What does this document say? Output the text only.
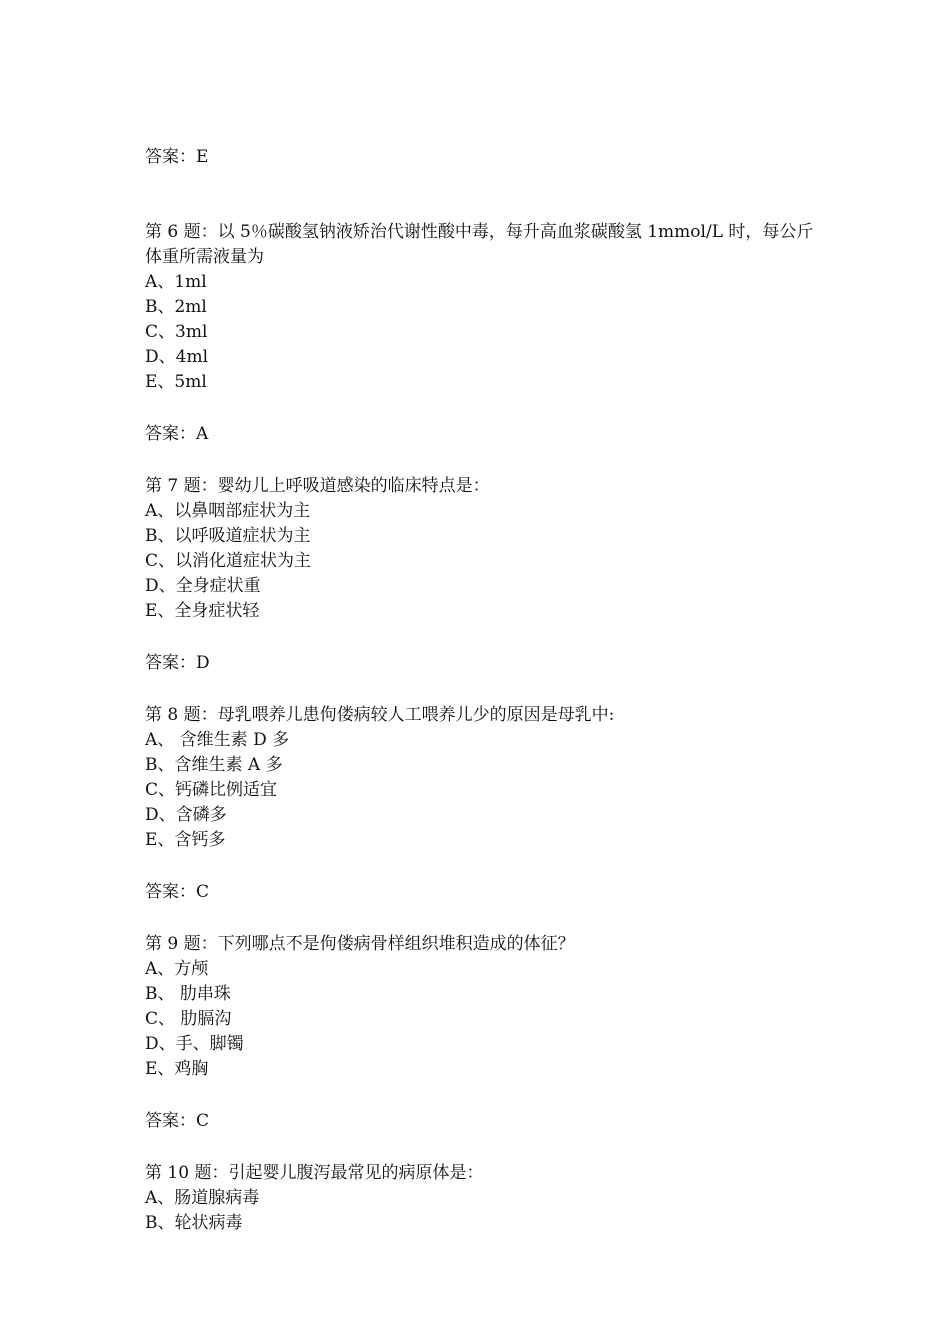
答案：E

第 6 题：以 5％碳酸氢钠液矫治代谢性酸中毒，每升高血浆碳酸氢 1mmol/L 时，每公斤体重所需液量为

A、1ml

B、2ml

C、3ml

D、4ml

E、5ml

答案：A

第 7 题：婴幼儿上呼吸道感染的临床特点是：

A、以鼻咽部症状为主

B、以呼吸道症状为主

C、以消化道症状为主

D、全身症状重

E、全身症状轻

答案：D

第 8 题：母乳喂养儿患佝偻病较人工喂养儿少的原因是母乳中:

A、 含维生素 D 多

B、含维生素 A 多

C、钙磷比例适宜

D、含磷多

E、含钙多

答案：C

第 9 题：下列哪点不是佝偻病骨样组织堆积造成的体征？

A、方颅

B、 肋串珠

C、 肋膈沟

D、手、脚镯

E、鸡胸

答案：C

第 10 题：引起婴儿腹泻最常见的病原体是：

A、肠道腺病毒

B、轮状病毒
